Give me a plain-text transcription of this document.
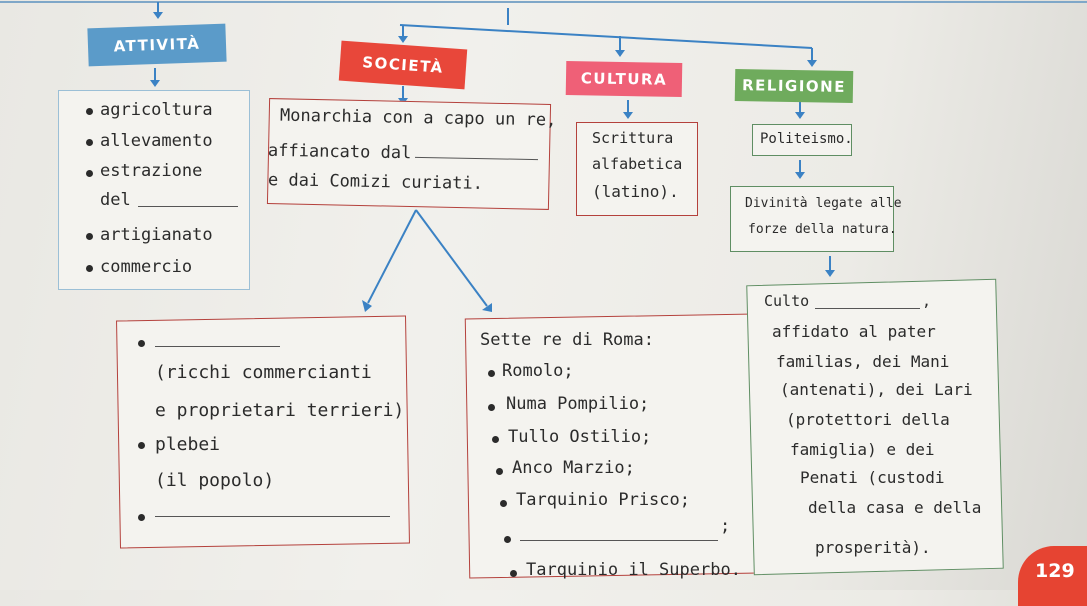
ATTIVITÀ
SOCIETÀ
CULTURA	RELIGIONE
agricoltura
allevamento
estrazione
del
artigianato
commercio
Monarchia con a capo un re,
affiancato dal
e dai Comizi curiati.
(ricchi commercianti
e proprietari terrieri)
plebei
(il popolo)
Sette re di Roma:
Romolo;
Numa Pompilio;
Tullo Ostilio;
Anco Marzio;
Tarquinio Prisco;
;
Tarquinio il Superbo.
Scrittura
alfabetica
(latino).
Politeismo.
Divinità legate alle
forze della natura.
Culto	,
affidato al pater
familias, dei Mani
(antenati), dei Lari
(protettori della
famiglia) e dei
Penati (custodi
della casa e della
prosperità).
129
